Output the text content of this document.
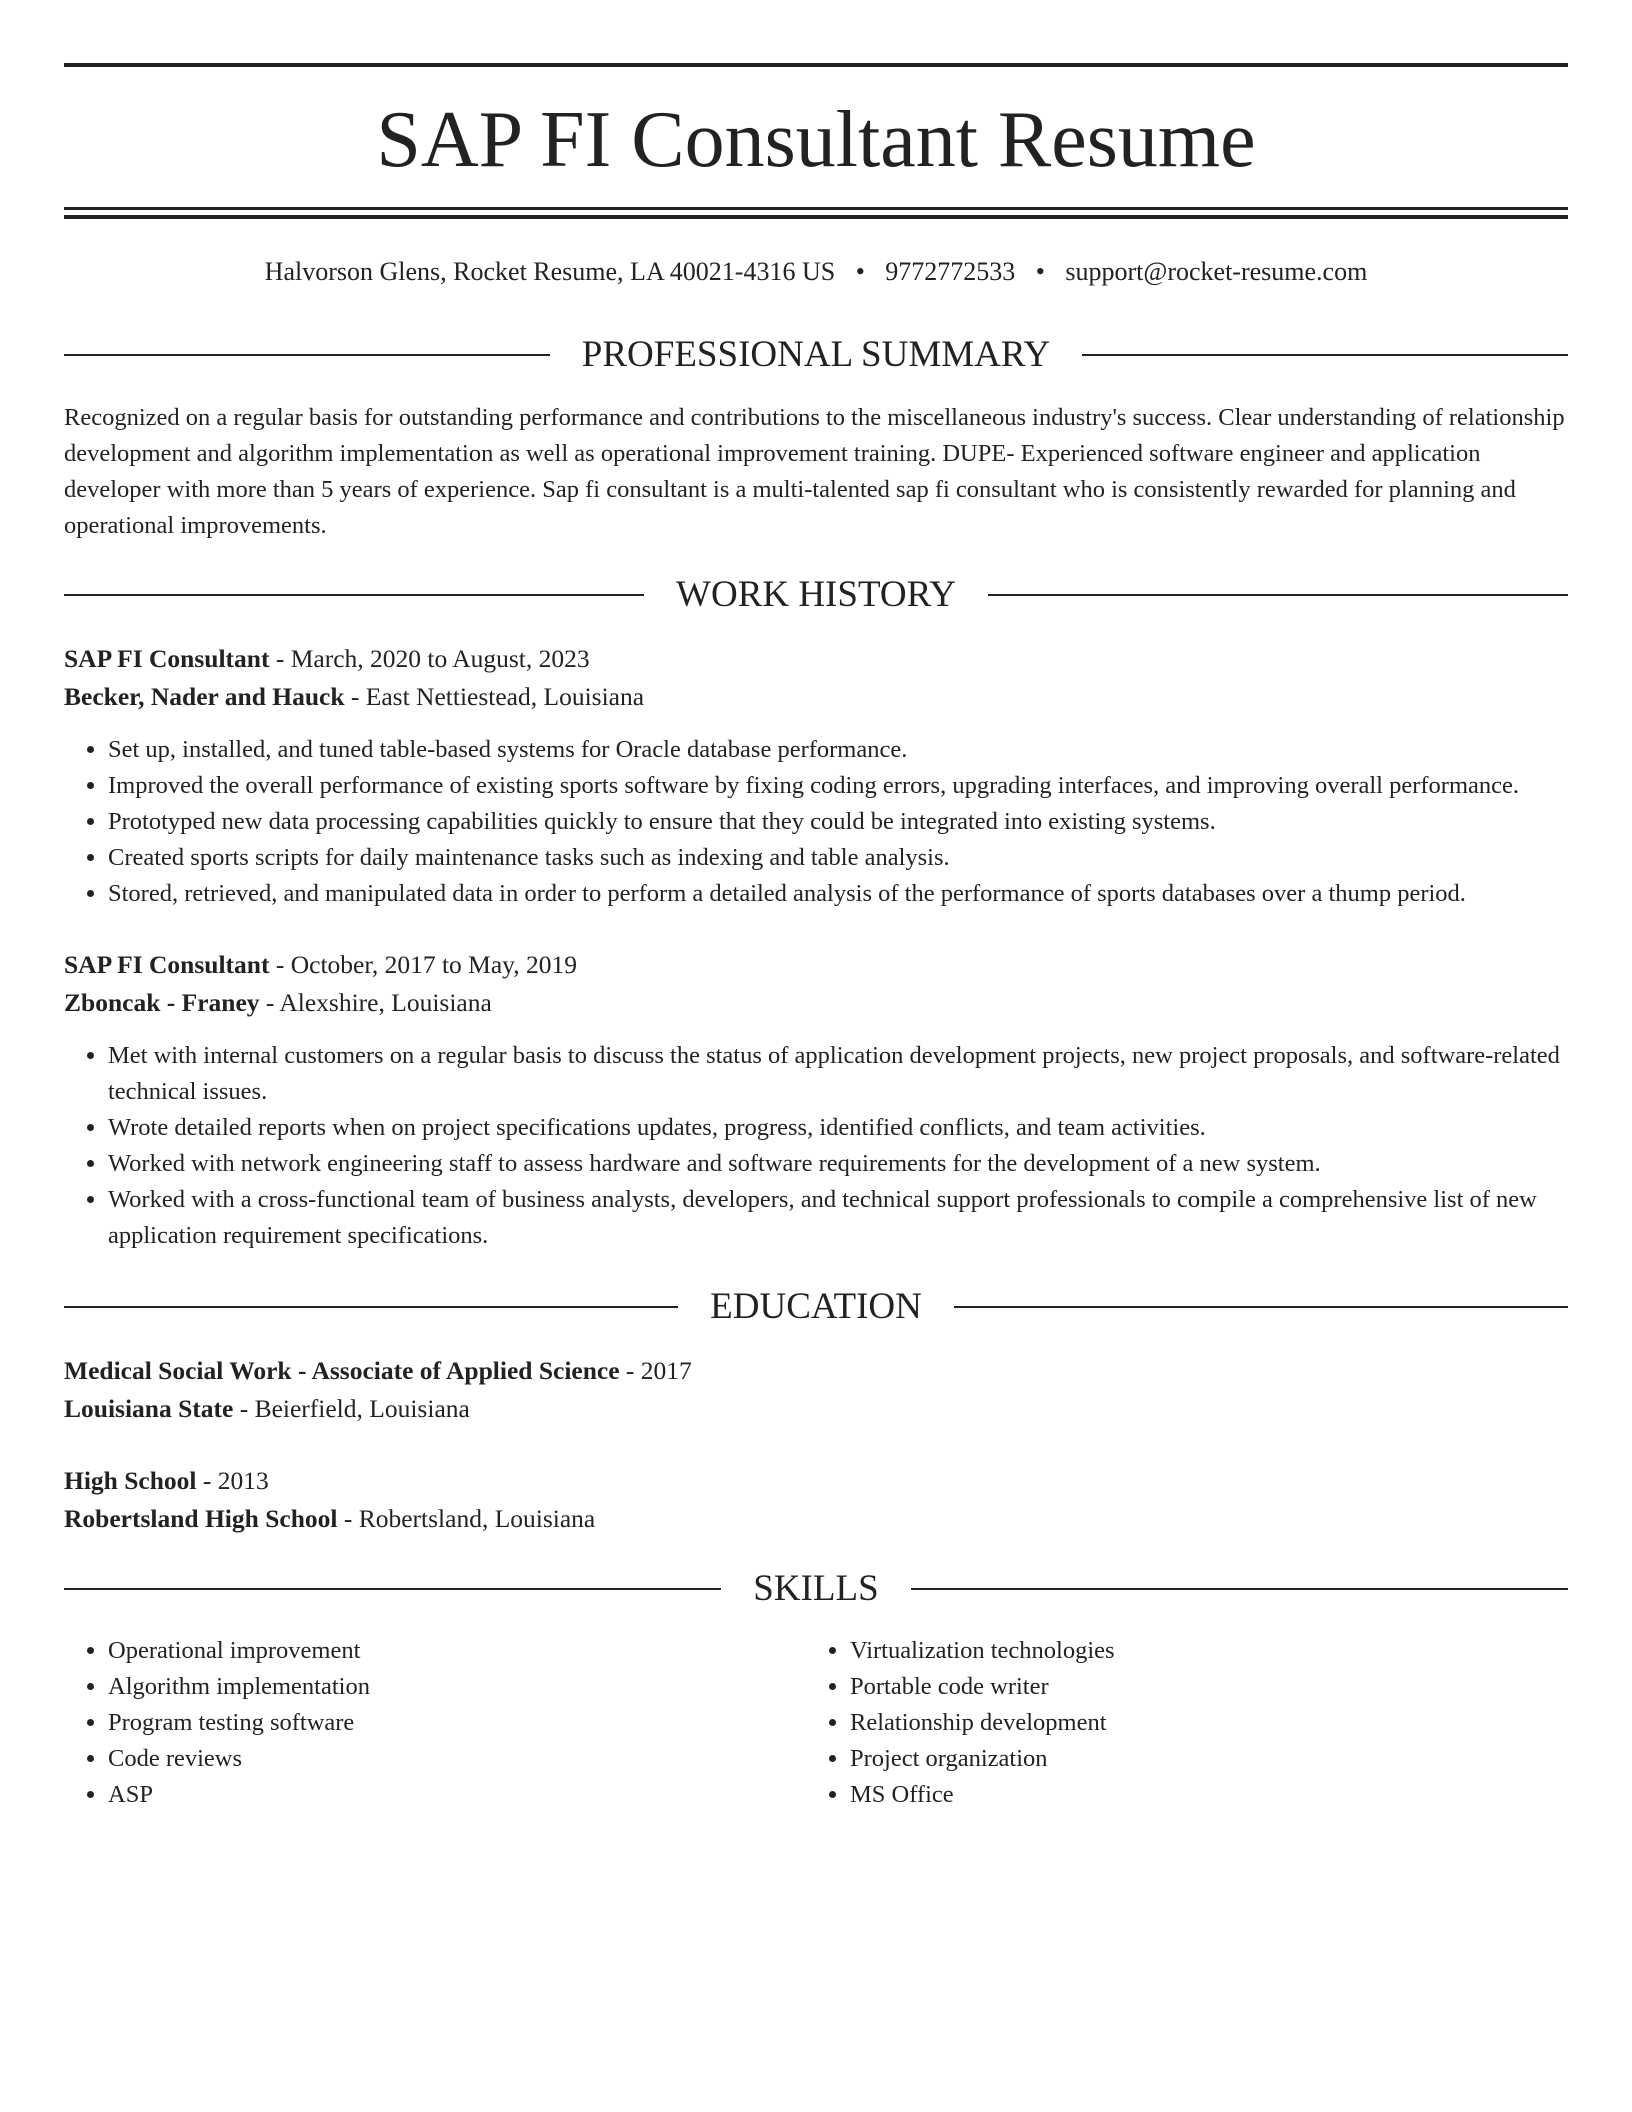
SAP FI Consultant Resume
Halvorson Glens, Rocket Resume, LA 40021-4316 US • 9772772533 • support@rocket-resume.com
PROFESSIONAL SUMMARY

Recognized on a regular basis for outstanding performance and contributions to the miscellaneous industry's success. Clear understanding of relationship development and algorithm implementation as well as operational improvement training. DUPE- Experienced software engineer and application developer with more than 5 years of experience. Sap fi consultant is a multi-talented sap fi consultant who is consistently rewarded for planning and operational improvements.

WORK HISTORY
SAP FI Consultant - March, 2020 to August, 2023
Becker, Nader and Hauck - East Nettiestead, Louisiana
• Set up, installed, and tuned table-based systems for Oracle database performance.
• Improved the overall performance of existing sports software by fixing coding errors, upgrading interfaces, and improving overall performance.
• Prototyped new data processing capabilities quickly to ensure that they could be integrated into existing systems.
• Created sports scripts for daily maintenance tasks such as indexing and table analysis.
• Stored, retrieved, and manipulated data in order to perform a detailed analysis of the performance of sports databases over a thump period.
SAP FI Consultant - October, 2017 to May, 2019
Zboncak - Franey - Alexshire, Louisiana
• Met with internal customers on a regular basis to discuss the status of application development projects, new project proposals, and software-related technical issues.
• Wrote detailed reports when on project specifications updates, progress, identified conflicts, and team activities.
• Worked with network engineering staff to assess hardware and software requirements for the development of a new system.
• Worked with a cross-functional team of business analysts, developers, and technical support professionals to compile a comprehensive list of new application requirement specifications.
EDUCATION
Medical Social Work - Associate of Applied Science - 2017
Louisiana State - Beierfield, Louisiana
High School - 2013
Robertsland High School - Robertsland, Louisiana
SKILLS
• Operational improvement
• Algorithm implementation
• Program testing software
• Code reviews
• ASP
• Virtualization technologies
• Portable code writer
• Relationship development
• Project organization
• MS Office
